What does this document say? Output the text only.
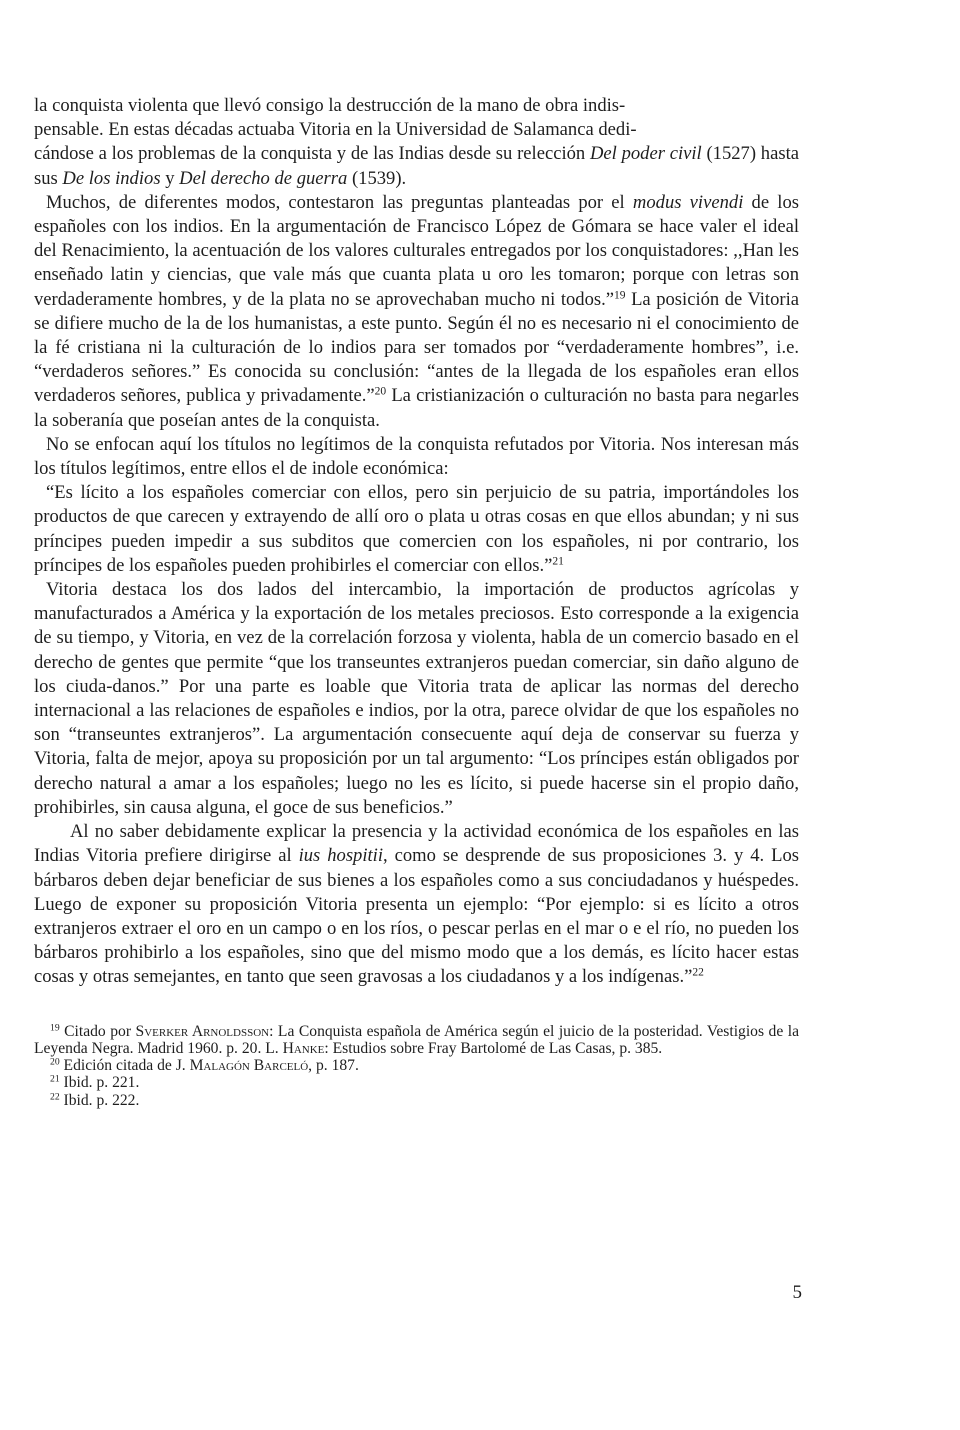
la conquista violenta que llevó consigo la destrucción de la mano de obra indis-
pensable. En estas décadas actuaba Vitoria en la Universidad de Salamanca dedi-
cándose a los problemas de la conquista y de las Indias desde su relección Del poder civil (1527) hasta sus De los indios y Del derecho de guerra (1539).

Muchos, de diferentes modos, contestaron las preguntas planteadas por el modus vivendi de los españoles con los indios. En la argumentación de Francisco López de Gómara se hace valer el ideal del Renacimiento, la acentuación de los valores culturales entregados por los conquistadores: ,,Han les enseñado latin y ciencias, que vale más que cuanta plata u oro les tomaron; porque con letras son verdaderamente hombres, y de la plata no se aprovechaban mucho ni todos.”$^{19}$ La posición de Vitoria se difiere mucho de la de los humanistas, a este punto. Según él no es necesario ni el conocimiento de la fé cristiana ni la culturación de lo indios para ser tomados por “verdaderamente hombres”, i.e. “verdaderos señores.” Es conocida su conclusión: “antes de la llegada de los españoles eran ellos verdaderos señores, publica y privadamente.”$^{20}$ La cristianización o culturación no basta para negarles la soberanía que poseían antes de la conquista.

No se enfocan aquí los títulos no legítimos de la conquista refutados por Vitoria. Nos interesan más los títulos legítimos, entre ellos el de indole económica:

“Es lícito a los españoles comerciar con ellos, pero sin perjuicio de su patria, importándoles los productos de que carecen y extrayendo de allí oro o plata u otras cosas en que ellos abundan; y ni sus príncipes pueden impedir a sus subditos que comercien con los españoles, ni por contrario, los príncipes de los españoles pueden prohibirles el comerciar con ellos.”$^{21}$

Vitoria destaca los dos lados del intercambio, la importación de productos agrícolas y manufacturados a América y la exportación de los metales preciosos. Esto corresponde a la exigencia de su tiempo, y Vitoria, en vez de la correlación forzosa y violenta, habla de un comercio basado en el derecho de gentes que permite “que los transeuntes extranjeros puedan comerciar, sin daño alguno de los ciuda-danos.” Por una parte es loable que Vitoria trata de aplicar las normas del derecho internacional a las relaciones de españoles e indios, por la otra, parece olvidar de que los españoles no son “transeuntes extranjeros”. La argumentación consecuente aquí deja de conservar su fuerza y Vitoria, falta de mejor, apoya su proposición por un tal argumento: “Los príncipes están obligados por derecho natural a amar a los españoles; luego no les es lícito, si puede hacerse sin el propio daño, prohibirles, sin causa alguna, el goce de sus beneficios.”

Al no saber debidamente explicar la presencia y la actividad económica de los españoles en las Indias Vitoria prefiere dirigirse al ius hospitii, como se desprende de sus proposiciones 3. y 4. Los bárbaros deben dejar beneficiar de sus bienes a los españoles como a sus conciudadanos y huéspedes. Luego de exponer su proposición Vitoria presenta un ejemplo: “Por ejemplo: si es lícito a otros extranjeros extraer el oro en un campo o en los ríos, o pescar perlas en el mar o e el río, no pueden los bárbaros prohibirlo a los españoles, sino que del mismo modo que a los demás, es lícito hacer estas cosas y otras semejantes, en tanto que seen gravosas a los ciudadanos y a los indígenas.”$^{22}$

$^{19}$ Citado por Sverker Arnoldsson: La Conquista española de América según el juicio de la posteridad. Vestigios de la Leyenda Negra. Madrid 1960. p. 20. L. Hanke: Estudios sobre Fray Bartolomé de Las Casas, p. 385.

$^{20}$ Edición citada de J. Malagón Barceló, p. 187.

$^{21}$ Ibid. p. 221.

$^{22}$ Ibid. p. 222.

5
